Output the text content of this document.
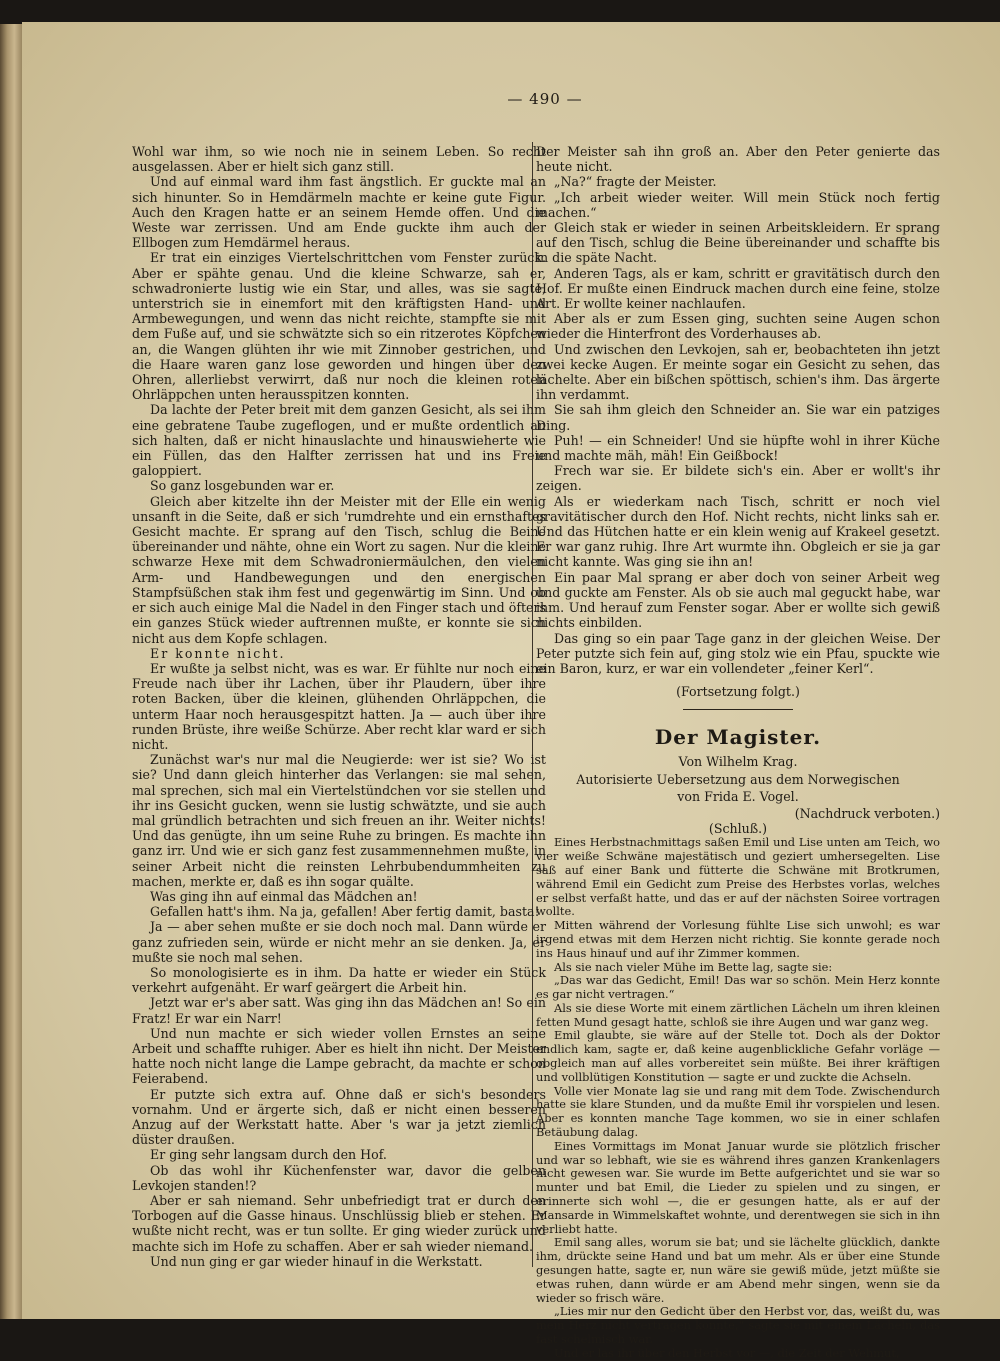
— 490 —

Wohl war ihm, so wie noch nie in seinem Leben. So recht ausgelassen. Aber er hielt sich ganz still.

Und auf einmal ward ihm fast ängstlich. Er guckte mal an sich hinunter. So in Hemdärmeln machte er keine gute Figur. Auch den Kragen hatte er an seinem Hemde offen. Und die Weste war zerrissen. Und am Ende guckte ihm auch der Ellbogen zum Hemdärmel heraus.

Er trat ein einziges Viertelschrittchen vom Fenster zurück. Aber er spähte genau. Und die kleine Schwarze, sah er, schwadronierte lustig wie ein Star, und alles, was sie sagte, unterstrich sie in einemfort mit den kräftigsten Hand- und Armbewegungen, und wenn das nicht reichte, stampfte sie mit dem Fuße auf, und sie schwätzte sich so ein ritzerotes Köpfchen an, die Wangen glühten ihr wie mit Zinnober gestrichen, und die Haare waren ganz lose geworden und hingen über den Ohren, allerliebst verwirrt, daß nur noch die kleinen roten Ohrläppchen unten herausspitzen konnten.

Da lachte der Peter breit mit dem ganzen Gesicht, als sei ihm eine gebratene Taube zugeflogen, und er mußte ordentlich an sich halten, daß er nicht hinauslachte und hinauswieherte wie ein Füllen, das den Halfter zerrissen hat und ins Freie galoppiert.

So ganz losgebunden war er.

Gleich aber kitzelte ihn der Meister mit der Elle ein wenig unsanft in die Seite, daß er sich 'rumdrehte und ein ernsthaftes Gesicht machte. Er sprang auf den Tisch, schlug die Beine übereinander und nähte, ohne ein Wort zu sagen. Nur die kleine schwarze Hexe mit dem Schwadroniermäulchen, den vielen Arm- und Handbewegungen und den energischen Stampfsüßchen stak ihm fest und gegenwärtig im Sinn. Und ob er sich auch einige Mal die Nadel in den Finger stach und öfters ein ganzes Stück wieder auftrennen mußte, er konnte sie sich nicht aus dem Kopfe schlagen.

Er konnte nicht.

Er wußte ja selbst nicht, was es war. Er fühlte nur noch eine Freude nach über ihr Lachen, über ihr Plaudern, über ihre roten Backen, über die kleinen, glühenden Ohrläppchen, die unterm Haar noch herausgespitzt hatten. Ja — auch über ihre runden Brüste, ihre weiße Schürze. Aber recht klar ward er sich nicht.

Zunächst war's nur mal die Neugierde: wer ist sie? Wo ist sie? Und dann gleich hinterher das Verlangen: sie mal sehen, mal sprechen, sich mal ein Viertelstündchen vor sie stellen und ihr ins Gesicht gucken, wenn sie lustig schwätzte, und sie auch mal gründlich betrachten und sich freuen an ihr. Weiter nichts! Und das genügte, ihn um seine Ruhe zu bringen. Es machte ihn ganz irr. Und wie er sich ganz fest zusammennehmen mußte, in seiner Arbeit nicht die reinsten Lehrbubendummheiten zu machen, merkte er, daß es ihn sogar quälte.

Was ging ihn auf einmal das Mädchen an!

Gefallen hatt's ihm. Na ja, gefallen! Aber fertig damit, basta!

Ja — aber sehen mußte er sie doch noch mal. Dann würde er ganz zufrieden sein, würde er nicht mehr an sie denken. Ja, er mußte sie noch mal sehen.

So monologisierte es in ihm. Da hatte er wieder ein Stück verkehrt aufgenäht. Er warf geärgert die Arbeit hin.

Jetzt war er's aber satt. Was ging ihn das Mädchen an! So ein Fratz! Er war ein Narr!

Und nun machte er sich wieder vollen Ernstes an seine Arbeit und schaffte ruhiger. Aber es hielt ihn nicht. Der Meister hatte noch nicht lange die Lampe gebracht, da machte er schon Feierabend.

Er putzte sich extra auf. Ohne daß er sich's besonders vornahm. Und er ärgerte sich, daß er nicht einen besseren Anzug auf der Werkstatt hatte. Aber 's war ja jetzt ziemlich düster draußen.

Er ging sehr langsam durch den Hof.

Ob das wohl ihr Küchenfenster war, davor die gelben Levkojen standen!?

Aber er sah niemand. Sehr unbefriedigt trat er durch den Torbogen auf die Gasse hinaus. Unschlüssig blieb er stehen. Er wußte nicht recht, was er tun sollte. Er ging wieder zurück und machte sich im Hofe zu schaffen. Aber er sah wieder niemand.

Und nun ging er gar wieder hinauf in die Werkstatt.

Der Meister sah ihn groß an. Aber den Peter genierte das heute nicht.

„Na?“ fragte der Meister.

„Ich arbeit wieder weiter. Will mein Stück noch fertig machen.“

Gleich stak er wieder in seinen Arbeitskleidern. Er sprang auf den Tisch, schlug die Beine übereinander und schaffte bis in die späte Nacht.

Anderen Tags, als er kam, schritt er gravitätisch durch den Hof. Er mußte einen Eindruck machen durch eine feine, stolze Art. Er wollte keiner nachlaufen.

Aber als er zum Essen ging, suchten seine Augen schon wieder die Hinterfront des Vorderhauses ab.

Und zwischen den Levkojen, sah er, beobachteten ihn jetzt zwei kecke Augen. Er meinte sogar ein Gesicht zu sehen, das lächelte. Aber ein bißchen spöttisch, schien's ihm. Das ärgerte ihn verdammt.

Sie sah ihm gleich den Schneider an. Sie war ein patziges Ding.

Puh! — ein Schneider! Und sie hüpfte wohl in ihrer Küche und machte mäh, mäh! Ein Geißbock!

Frech war sie. Er bildete sich's ein. Aber er wollt's ihr zeigen.

Als er wiederkam nach Tisch, schritt er noch viel gravitätischer durch den Hof. Nicht rechts, nicht links sah er. Und das Hütchen hatte er ein klein wenig auf Krakeel gesetzt. Er war ganz ruhig. Ihre Art wurmte ihn. Obgleich er sie ja gar nicht kannte. Was ging sie ihn an!

Ein paar Mal sprang er aber doch von seiner Arbeit weg und guckte am Fenster. Als ob sie auch mal geguckt habe, war ihm. Und herauf zum Fenster sogar. Aber er wollte sich gewiß nichts einbilden.

Das ging so ein paar Tage ganz in der gleichen Weise. Der Peter putzte sich fein auf, ging stolz wie ein Pfau, spuckte wie ein Baron, kurz, er war ein vollendeter „feiner Kerl“.

(Fortsetzung folgt.)

Der Magister.

Von Wilhelm Krag.

Autorisierte Uebersetzung aus dem Norwegischen

von Frida E. Vogel.

(Nachdruck verboten.)

(Schluß.)

Eines Herbstnachmittags saßen Emil und Lise unten am Teich, wo vier weiße Schwäne majestätisch und geziert umhersegelten. Lise saß auf einer Bank und fütterte die Schwäne mit Brotkrumen, während Emil ein Gedicht zum Preise des Herbstes vorlas, welches er selbst verfaßt hatte, und das er auf der nächsten Soiree vortragen wollte.

Mitten während der Vorlesung fühlte Lise sich unwohl; es war irgend etwas mit dem Herzen nicht richtig. Sie konnte gerade noch ins Haus hinauf und auf ihr Zimmer kommen.

Als sie nach vieler Mühe im Bette lag, sagte sie:

„Das war das Gedicht, Emil! Das war so schön. Mein Herz konnte es gar nicht vertragen.“

Als sie diese Worte mit einem zärtlichen Lächeln um ihren kleinen fetten Mund gesagt hatte, schloß sie ihre Augen und war ganz weg.

Emil glaubte, sie wäre auf der Stelle tot. Doch als der Doktor endlich kam, sagte er, daß keine augenblickliche Gefahr vorläge — obgleich man auf alles vorbereitet sein müßte. Bei ihrer kräftigen und vollblütigen Konstitution — sagte er und zuckte die Achseln.

Volle vier Monate lag sie und rang mit dem Tode. Zwischendurch hatte sie klare Stunden, und da mußte Emil ihr vorspielen und lesen. Aber es konnten manche Tage kommen, wo sie in einer schlafen Betäubung dalag.

Eines Vormittags im Monat Januar wurde sie plötzlich frischer und war so lebhaft, wie sie es während ihres ganzen Krankenlagers nicht gewesen war. Sie wurde im Bette aufgerichtet und sie war so munter und bat Emil, die Lieder zu spielen und zu singen, er erinnerte sich wohl —, die er gesungen hatte, als er auf der Mansarde in Wimmelskaftet wohnte, und derentwegen sie sich in ihn verliebt hatte.

Emil sang alles, worum sie bat; und sie lächelte glücklich, dankte ihm, drückte seine Hand und bat um mehr. Als er über eine Stunde gesungen hatte, sagte er, nun wäre sie gewiß müde, jetzt müßte sie etwas ruhen, dann würde er am Abend mehr singen, wenn sie da wieder so frisch wäre.

„Lies mir nur den Gedicht über den Herbst vor, das, weißt du, was mein Herz nicht vertragen konnte,“ sagte sie mit einem Lächeln, das fast schelmisch war.

Und er las ihr über den Herbst vor —, die Zeit der Wehmut,
